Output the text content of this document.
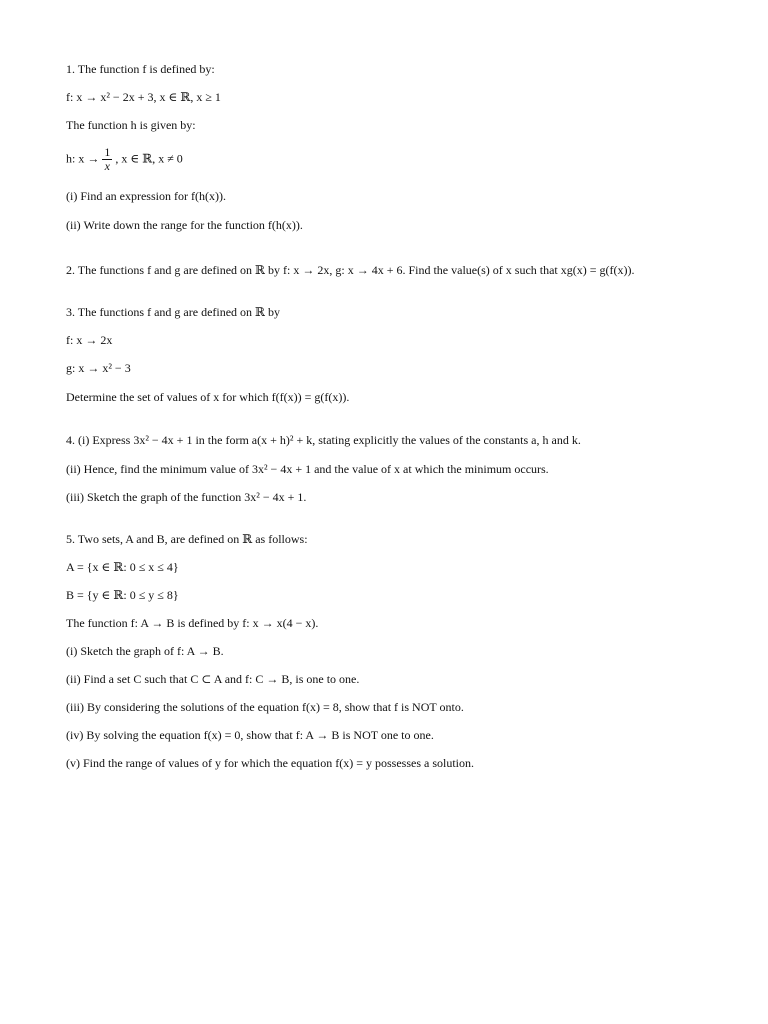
1. The function f is defined by:
f: x → x² − 2x + 3, x ∈ ℝ, x ≥ 1
The function h is given by:
h: $x \to \frac{1}{x}$ , x ∈ ℝ, x ≠ 0
(i) Find an expression for f(h(x)).
(ii) Write down the range for the function f(h(x)).
2. The functions f and g are defined on ℝ by f: x → 2x, g: x → 4x + 6. Find the value(s) of x such that xg(x) = g(f(x)).
3. The functions f and g are defined on ℝ by
f: x → 2x
g: x → x² − 3
Determine the set of values of x for which f(f(x)) = g(f(x)).
4. (i) Express 3x² − 4x + 1 in the form a(x + h)² + k, stating explicitly the values of the constants a, h and k.
(ii) Hence, find the minimum value of 3x² − 4x + 1 and the value of x at which the minimum occurs.
(iii) Sketch the graph of the function 3x² − 4x + 1.
5. Two sets, A and B, are defined on ℝ as follows:
A = {x ∈ ℝ: 0 ≤ x ≤ 4}
B = {y ∈ ℝ: 0 ≤ y ≤ 8}
The function f: A → B is defined by f: x → x(4 − x).
(i) Sketch the graph of f: A → B.
(ii) Find a set C such that C ⊂ A and f: C → B, is one to one.
(iii) By considering the solutions of the equation f(x) = 8, show that f is NOT onto.
(iv) By solving the equation f(x) = 0, show that f: A → B is NOT one to one.
(v) Find the range of values of y for which the equation f(x) = y possesses a solution.
